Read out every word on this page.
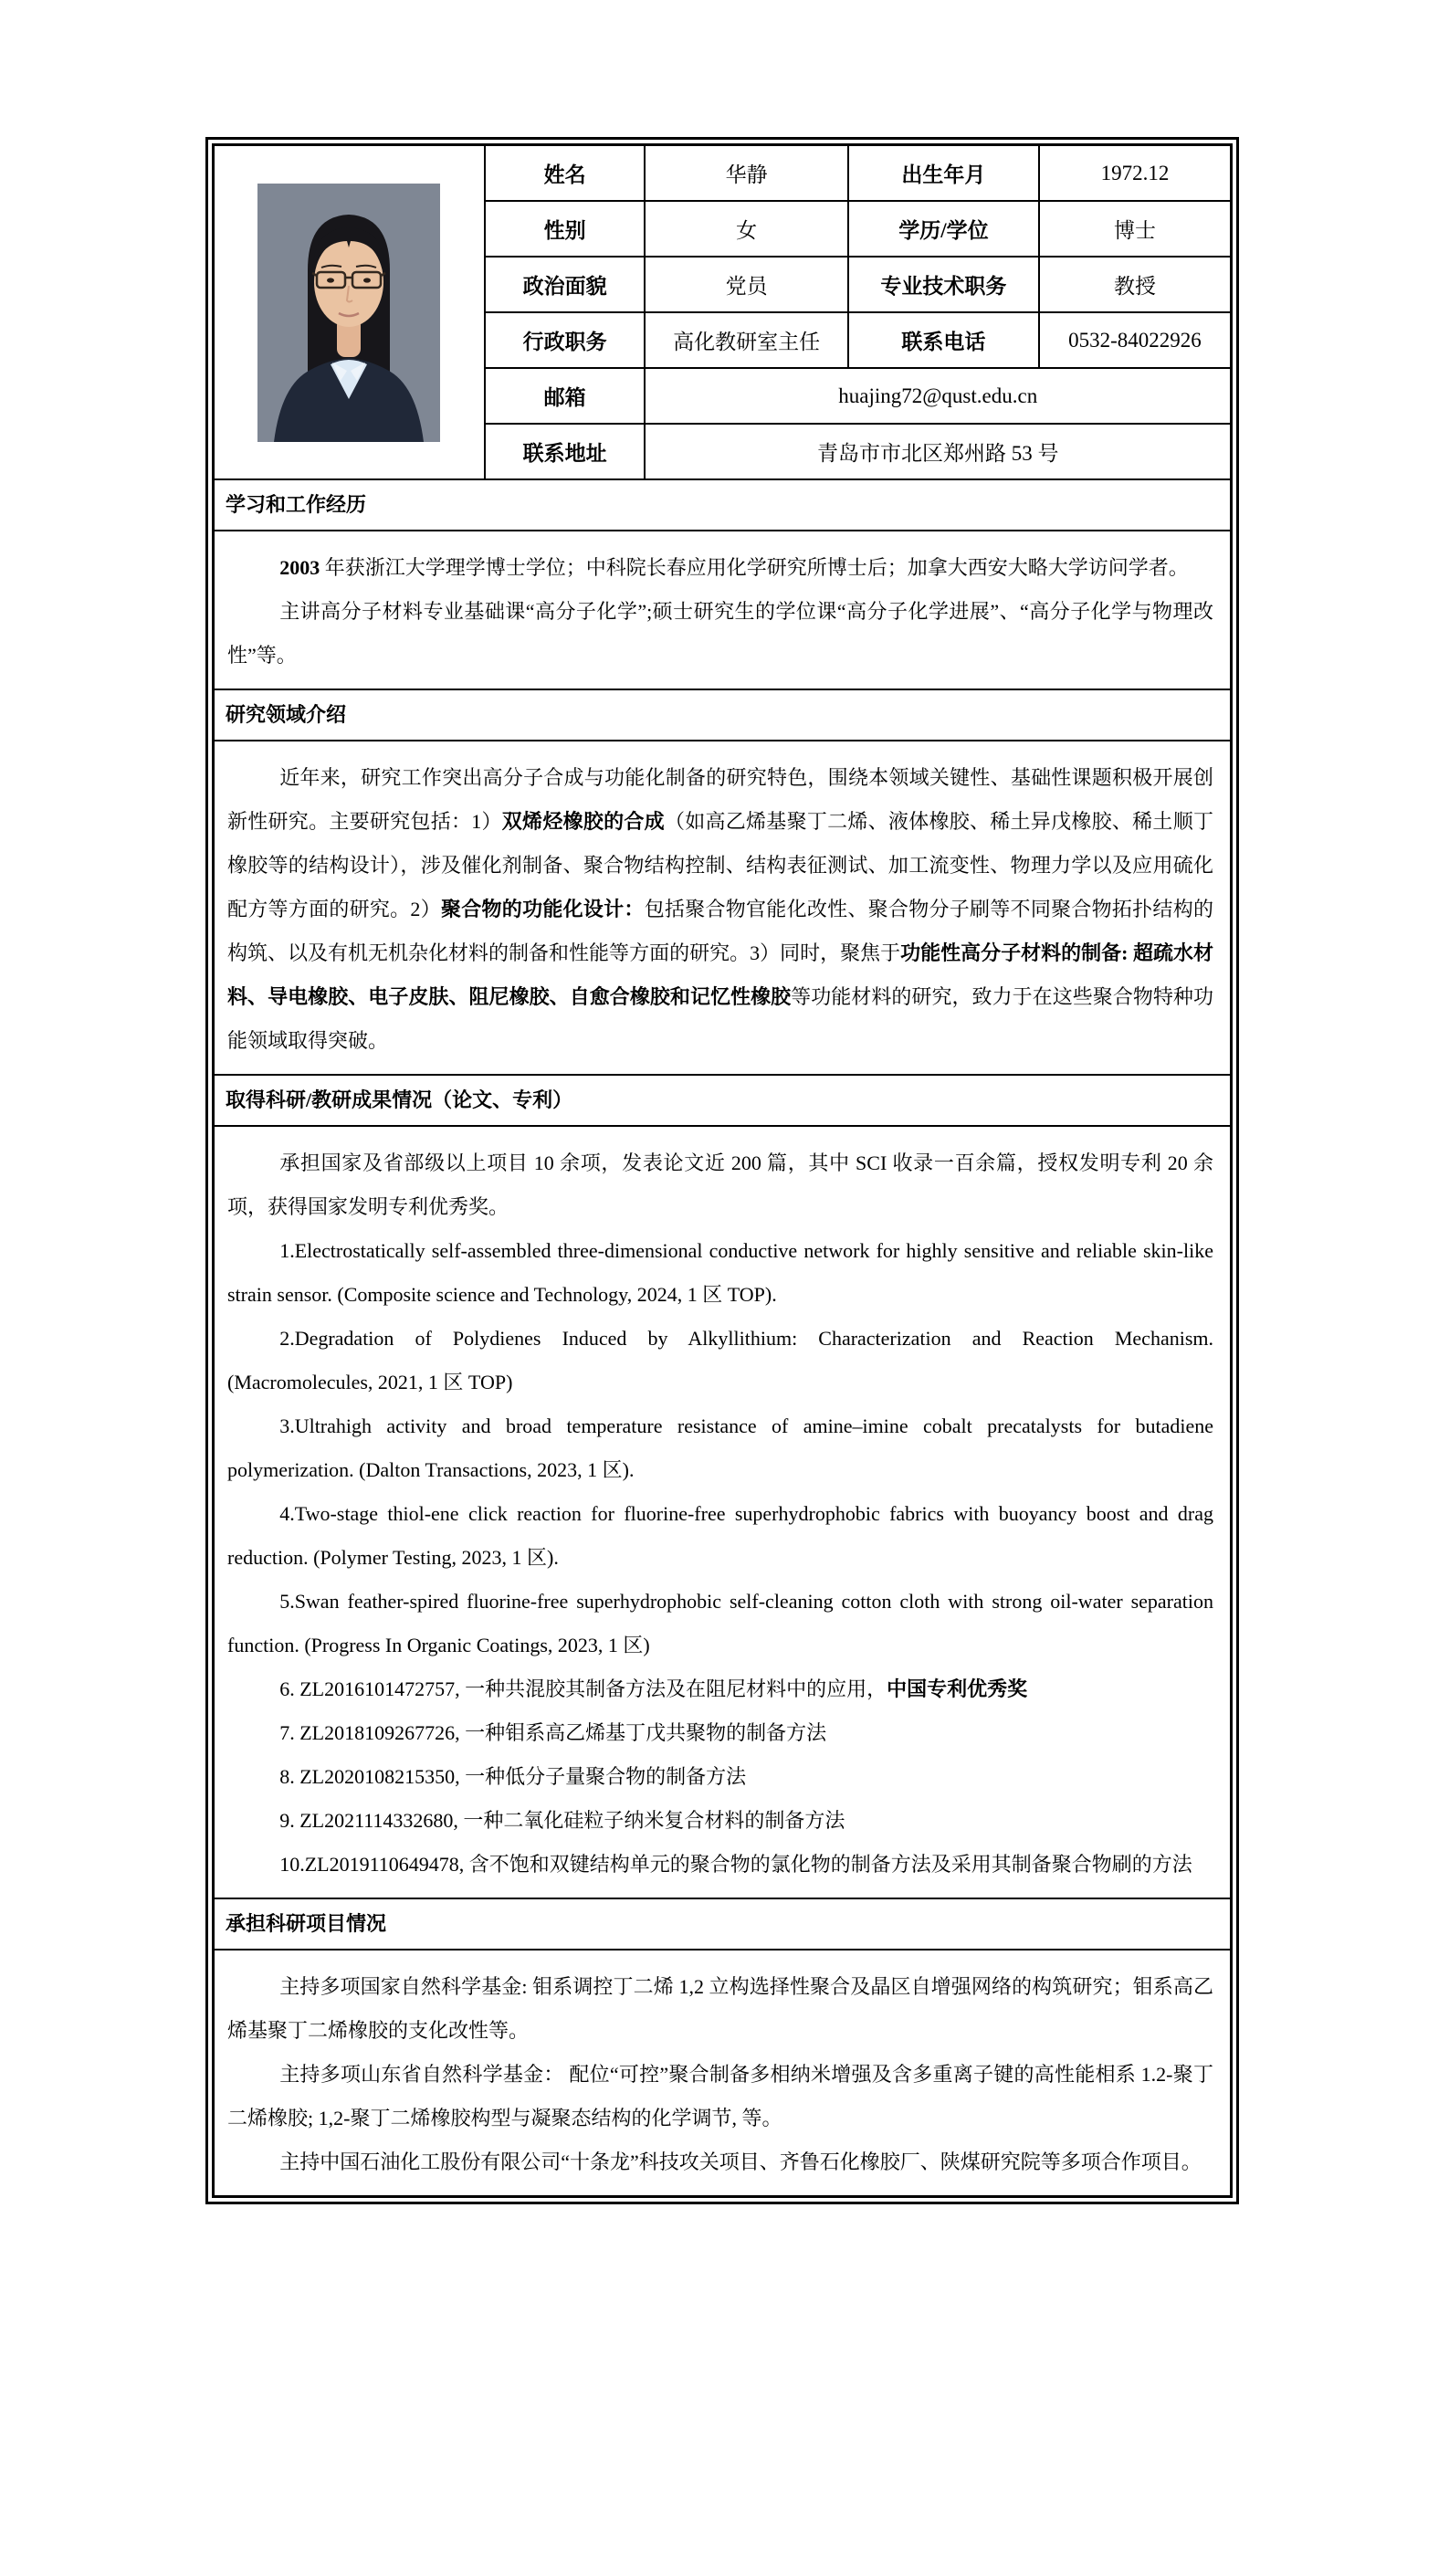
	姓名	华静	出生年月	1972.12
	性别	女	学历/学位	博士
	政治面貌	党员	专业技术职务	教授
	行政职务	高化教研室主任	联系电话	0532-84022926
	邮箱	huajing72@qust.edu.cn		
	联系地址	青岛市市北区郑州路 53 号		
学习和工作经历

2003 年获浙江大学理学博士学位；中科院长春应用化学研究所博士后；加拿大西安大略大学访问学者。

主讲高分子材料专业基础课“高分子化学”;硕士研究生的学位课“高分子化学进展”、“高分子化学与物理改性”等。

研究领域介绍

近年来，研究工作突出高分子合成与功能化制备的研究特色，围绕本领域关键性、基础性课题积极开展创新性研究。主要研究包括：1）双烯烃橡胶的合成（如高乙烯基聚丁二烯、液体橡胶、稀土异戊橡胶、稀土顺丁橡胶等的结构设计），涉及催化剂制备、聚合物结构控制、结构表征测试、加工流变性、物理力学以及应用硫化配方等方面的研究。2）聚合物的功能化设计：包括聚合物官能化改性、聚合物分子刷等不同聚合物拓扑结构的构筑、以及有机无机杂化材料的制备和性能等方面的研究。3）同时，聚焦于功能性高分子材料的制备: 超疏水材料、导电橡胶、电子皮肤、阻尼橡胶、自愈合橡胶和记忆性橡胶等功能材料的研究，致力于在这些聚合物特种功能领域取得突破。

取得科研/教研成果情况（论文、专利）

承担国家及省部级以上项目 10 余项，发表论文近 200 篇，其中 SCI 收录一百余篇，授权发明专利 20 余项，获得国家发明专利优秀奖。

1.Electrostatically self-assembled three-dimensional conductive network for highly sensitive and reliable skin-like strain sensor. (Composite science and Technology, 2024, 1 区 TOP).

2.Degradation of Polydienes Induced by Alkyllithium: Characterization and Reaction Mechanism. (Macromolecules, 2021, 1 区 TOP)

3.Ultrahigh activity and broad temperature resistance of amine–imine cobalt precatalysts for butadiene polymerization. (Dalton Transactions, 2023, 1 区).

4.Two-stage thiol-ene click reaction for fluorine-free superhydrophobic fabrics with buoyancy boost and drag reduction. (Polymer Testing, 2023, 1 区).

5.Swan feather-spired fluorine-free superhydrophobic self-cleaning cotton cloth with strong oil-water separation function. (Progress In Organic Coatings, 2023, 1 区)

6. ZL2016101472757, 一种共混胶其制备方法及在阻尼材料中的应用，中国专利优秀奖

7. ZL2018109267726, 一种钼系高乙烯基丁戊共聚物的制备方法

8. ZL2020108215350, 一种低分子量聚合物的制备方法

9. ZL2021114332680, 一种二氧化硅粒子纳米复合材料的制备方法

10.ZL2019110649478, 含不饱和双键结构单元的聚合物的氯化物的制备方法及采用其制备聚合物刷的方法

承担科研项目情况

主持多项国家自然科学基金: 钼系调控丁二烯 1,2 立构选择性聚合及晶区自增强网络的构筑研究；钼系高乙烯基聚丁二烯橡胶的支化改性等。

主持多项山东省自然科学基金： 配位“可控”聚合制备多相纳米增强及含多重离子键的高性能相系 1.2-聚丁二烯橡胶; 1,2-聚丁二烯橡胶构型与凝聚态结构的化学调节, 等。

主持中国石油化工股份有限公司“十条龙”科技攻关项目、齐鲁石化橡胶厂、陕煤研究院等多项合作项目。
